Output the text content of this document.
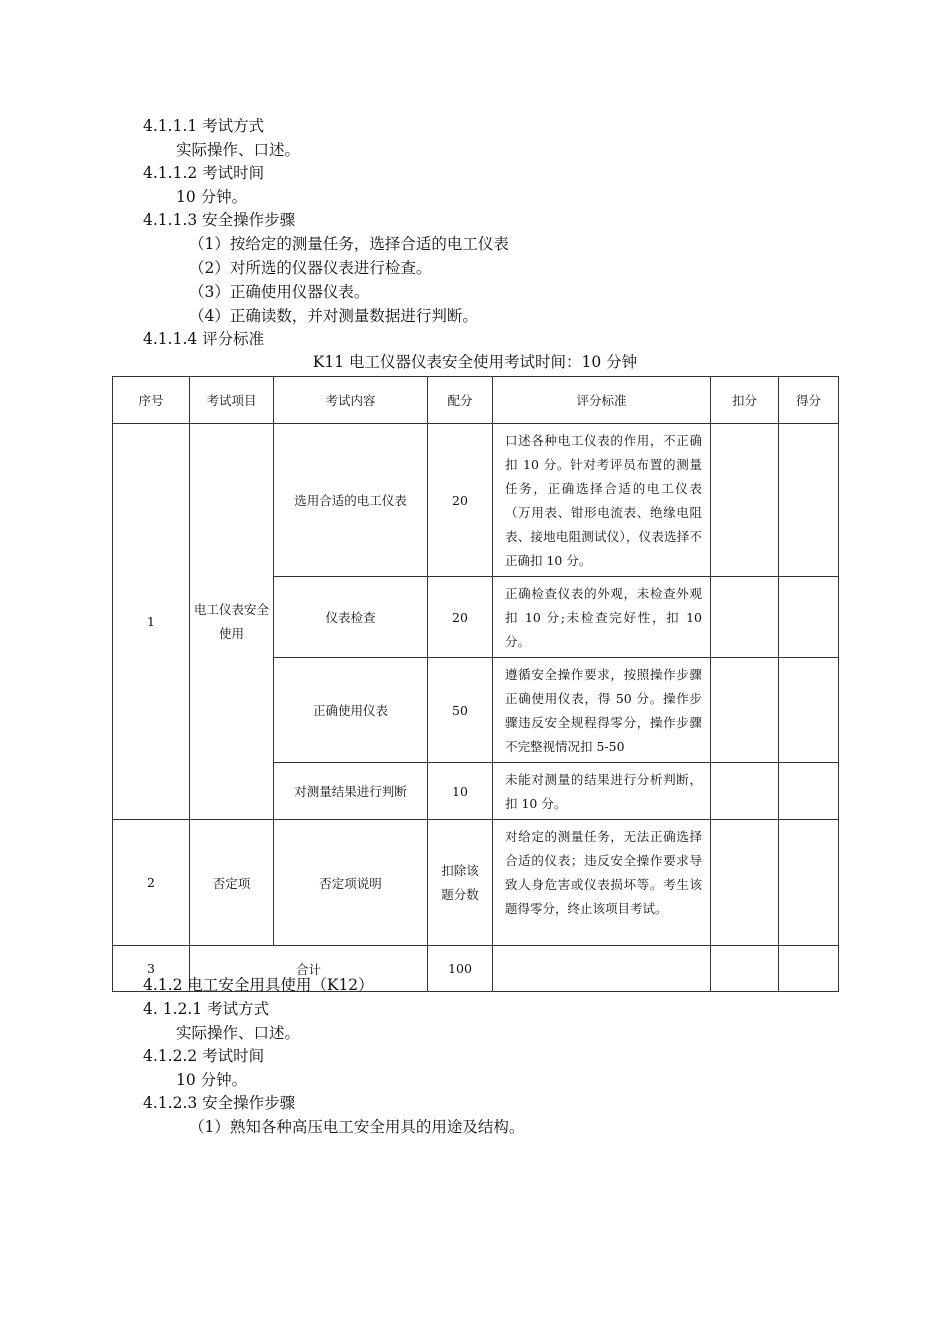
4.1.1.1 考试方式
实际操作、口述。
4.1.1.2 考试时间
10 分钟。
4.1.1.3 安全操作步骤
（1）按给定的测量任务，选择合适的电工仪表
（2）对所选的仪器仪表进行检查。
（3）正确使用仪器仪表。
（4）正确读数，并对测量数据进行判断。
4.1.1.4 评分标准
K11 电工仪器仪表安全使用考试时间：10 分钟
序号	考试项目	考试内容	配分	评分标准	扣分	得分
1	电工仪表安全使用	选用合适的电工仪表	20	口述各种电工仪表的作用，不正确扣 10 分。针对考评员布置的测量任务，正确选择合适的电工仪表（万用表、钳形电流表、绝缘电阻表、接地电阻测试仪），仪表选择不正确扣 10 分。		
		仪表检查	20	正确检查仪表的外观，未检查外观扣 10 分;未检查完好性，扣 10 分。		
		正确使用仪表	50	遵循安全操作要求，按照操作步骤正确使用仪表，得 50 分。操作步骤违反安全规程得零分，操作步骤不完整视情况扣 5-50		
		对测量结果进行判断	10	未能对测量的结果进行分析判断，扣 10 分。		
2	否定项	否定项说明	扣除该题分数	对给定的测量任务，无法正确选择合适的仪表；违反安全操作要求导致人身危害或仪表损坏等。考生该题得零分，终止该项目考试。		
3	合计		100			
4.1.2 电工安全用具使用（K12）
4. 1.2.1 考试方式
实际操作、口述。
4.1.2.2 考试时间
10 分钟。
4.1.2.3 安全操作步骤
（1）熟知各种高压电工安全用具的用途及结构。
